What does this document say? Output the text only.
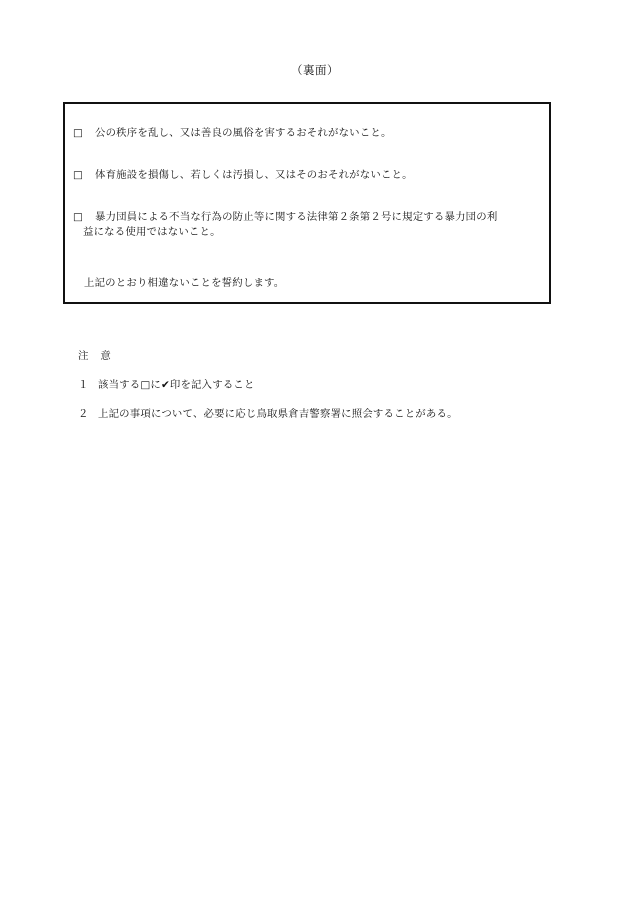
（裏面）
□ 公の秩序を乱し、又は善良の風俗を害するおそれがないこと。
□ 体育施設を損傷し、若しくは汚損し、又はそのおそれがないこと。
□ 暴力団員による不当な行為の防止等に関する法律第２条第２号に規定する暴力団の利
益になる使用ではないこと。
上記のとおり相違ないことを誓約します。
注 意
１ 該当する□に✔印を記入すること
２ 上記の事項について、必要に応じ鳥取県倉吉警察署に照会することがある。
